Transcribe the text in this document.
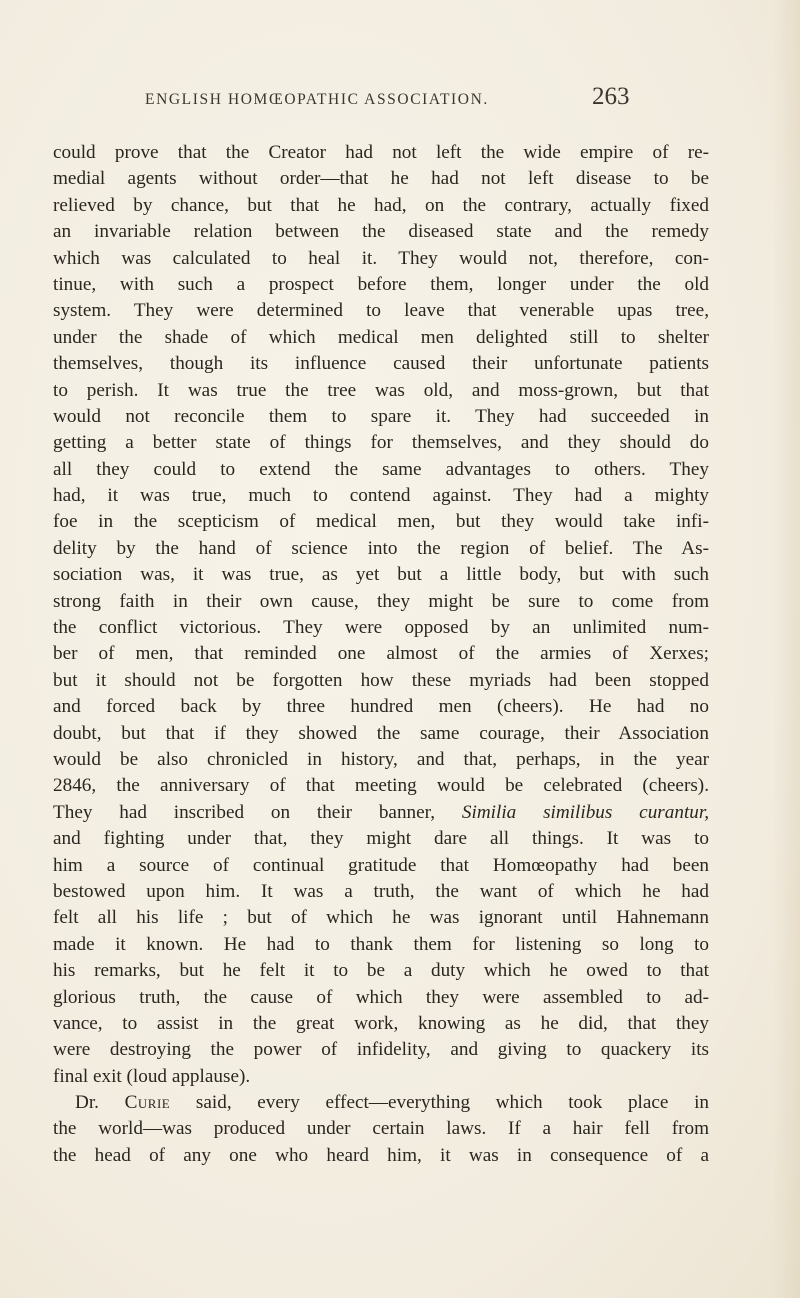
ENGLISH HOMŒOPATHIC ASSOCIATION.	263
could prove that the Creator had not left the wide empire of re-
medial agents without order—that he had not left disease to be
relieved by chance, but that he had, on the contrary, actually fixed
an invariable relation between the diseased state and the remedy
which was calculated to heal it. They would not, therefore, con-
tinue, with such a prospect before them, longer under the old
system. They were determined to leave that venerable upas tree,
under the shade of which medical men delighted still to shelter
themselves, though its influence caused their unfortunate patients
to perish. It was true the tree was old, and moss-grown, but that
would not reconcile them to spare it. They had succeeded in
getting a better state of things for themselves, and they should do
all they could to extend the same advantages to others. They
had, it was true, much to contend against. They had a mighty
foe in the scepticism of medical men, but they would take infi-
delity by the hand of science into the region of belief. The As-
sociation was, it was true, as yet but a little body, but with such
strong faith in their own cause, they might be sure to come from
the conflict victorious. They were opposed by an unlimited num-
ber of men, that reminded one almost of the armies of Xerxes;
but it should not be forgotten how these myriads had been stopped
and forced back by three hundred men (cheers). He had no
doubt, but that if they showed the same courage, their Association
would be also chronicled in history, and that, perhaps, in the year
2846, the anniversary of that meeting would be celebrated (cheers).
They had inscribed on their banner, Similia similibus curantur,
and fighting under that, they might dare all things. It was to
him a source of continual gratitude that Homœopathy had been
bestowed upon him. It was a truth, the want of which he had
felt all his life ; but of which he was ignorant until Hahnemann
made it known. He had to thank them for listening so long to
his remarks, but he felt it to be a duty which he owed to that
glorious truth, the cause of which they were assembled to ad-
vance, to assist in the great work, knowing as he did, that they
were destroying the power of infidelity, and giving to quackery its
final exit (loud applause).
Dr. Curie said, every effect—everything which took place in
the world—was produced under certain laws. If a hair fell from
the head of any one who heard him, it was in consequence of a
